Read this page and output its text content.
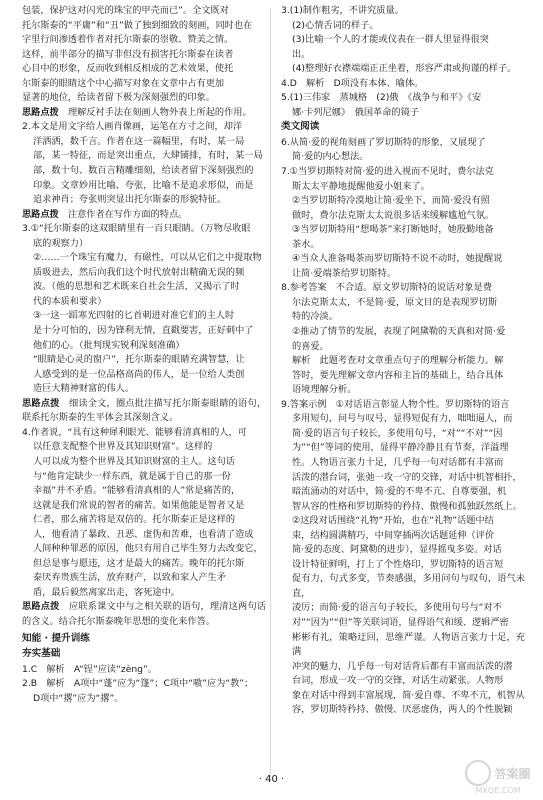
包装，保护这对闪光的珠宝的甲壳而已”。全文既对

托尔斯泰的“平庸”和“丑”做了独到细致的刻画，同时也在

字里行间渗透着作者对托尔斯泰的崇敬、赞美之情。

这样，前半部分的描写非但没有损害托尔斯泰在读者

心目中的形象，反而收到相反相成的艺术效果，使托

尔斯泰的眼睛这个中心描写对象在文章中占有更加

显著的地位，给读者留下极为深刻强烈的印象。

思路点拨　 理解反衬手法在刻画人物外表上所起的作用。

2.本文是用文字给人画肖像画，运笔在方寸之间，却洋

洋洒洒，数千言。作者在这一篇幅里，有时，某一局

部，某一特征，而是突出重点，大肆铺排，有时，某一局

部，数十句、数百言精雕细刻，给读者留下深刻强烈的

印象。文章妙用比喻、夸张，比喻不是追求形似，而是

追求神肖；夸张则突显出托尔斯泰的形貌特征。

思路点拨　 注意作者在写作方面的特点。

3.①“托尔斯泰的这双眼睛里有一百只眼睛。（万物尽收眼

底的观察力）

②……一个珠宝有魔力，有磁性，可以从它们之中提取物

质吸进去，然后向我们这个时代放射出精确无误的频

波。（他的思想和艺术既来自社会生活，又揭示了时

代的本质和要求）

③一这一蹈寒光四射的匕首刺进对准它们的主人时

是十分可怕的，因为锋利无情，直戳要害，正好刺中了

他们的心。（批判现实锐利深刻准确）

“眼睛是心灵的窗户”，托尔斯泰的眼睛充满智慧，让

人感受到的是一位品格高尚的伟人，是一位给人类创

造巨大精神财富的伟人。

思路点拨　 细读全文，圈点批注描写托尔斯泰眼睛的语句，联系托尔斯泰的生平体会其深刻含义。

4.作者说，“具有这种犀利眼光、能够看清真相的人，可

以任意支配整个世界及其知识财富”。这样的

人可以成为整个世界及其知识财富的主人。这句话

与“他肯定缺少一样东西，就是属于自己的那一份

幸福”并不矛盾。“能够看清真相的人”常是痛苦的，

这就是我们常说的智者的痛苦。如果他能是智者又是

仁者，那么痛苦将是双倍的。托尔斯泰正是这样的

人，他看清了暴政、丑恶、虚伪和苦难，也看清了造成

人间种种罪恶的原因，他只有用自己毕生努力去改变它，

但总是事与愿违，这才是最大的痛苦。晚年的托尔斯

泰厌弃贵族生活，放弃财产，以致和家人产生矛

盾，最后毅然离家出走，客死途中。

思路点拨　 应联系课文中与之相关联的语句，理清这两句话的含义。结合托尔斯泰晚年思想的变化来作答。

知能 · 提升训练

夯实基础

1.C　解析　A“锃”应读“zèng”。

2.B　解析　A项中“蓬”应为“篷”；C项中“嗷”应为“教”；

D项中“撂”应为“撂”。

3.(1)制作粗劣，不讲究质量。

(2)心情舌词的样子。

(3)比喻一个人的才能或仪表在一群人里显得很突

出。

(4)整理好衣襟端端正正坐着，形容严肃或拘谨的样子。

4.D　解析　D项没有本体、喻体。

5.(1)三伟家　蒸城格　(2)俄　《战争与和平》《安

娜·卡列尼娜》　俄国革命的镜子

类文阅读

6.从简·爱的视角刻画了罗切斯特的形象，又展现了

简·爱的内心想法。

7.①当罗切斯特对简·爱的进入视而不见时，费尔法克

斯太太平静地提醒他爱小姐来了。

②当罗切斯特冷漠地让简·爱坐下，而简·爱没有照

做时，费尔法克斯太太说很多话来缓解尴尬气氛。

③当罗切斯特用“想喝茶”来打断她时，她殷勤地备

茶水。

④当众人准备喝茶而罗切斯特不说不动时，她提醒说

让简·爱端茶给罗切斯特。

8.参考答案　不合适。原文罗切斯特的说话对象是费

尔法克斯太太，不是简·爱，原文目的是表现罗切斯

特的冷淡。

②推动了情节的发展，表现了阿黛勒的天真和对简·爱

的喜爱。

解析　此题考查对文章重点句子的理解分析能力。解

答时，要先理解文章内容和主旨的基础上，结合具体

语境理解分析。

9.答案示例　①对话语言彰显人物个性。罗切斯特的语言

多用短句，问号与叹号，显得短促有力，咄咄逼人，而

简·爱的语言句子较长，多使用句号，“对”“不对”“因

为”“但”等词的使用，显得平静冷静且有节奏，洋溢理

性。人物语言张力十足，几乎每一句对话都有丰富而

活泼的潜台词，张弛一攻一守的交锋，对话中机智相扑，

暗流涌动的对话中，简·爱的不卑不亢、自尊要强，机

智从容的性格和罗切斯特的矜持、傲慢和孤独跃然纸上。

②这段对话围绕“礼物”开始，也在“礼物”话题中结

束，结构圆满精巧，中间穿插两次话题延伸（评价

简·爱的态度、阿黛勒的进步），显得摇曳多姿。对话

设计特征鲜明，打上了个性烙印，罗切斯特的语言短

促有力，句式多变，节奏感强，多用问句与叹句，语气未直，

凌厉；而简·爱的语言句子较长，多使用句号与“对不

对”“因为”“但”等关联词语，显得语气和缓、逻辑严密

彬彬有礼，策略迂回，思维严谨。人物语言张力十足，充满

冲突的魅力，几乎每一句对话背后都有丰富而活泼的潜

台词，形成一攻一守的交锋，对话生动紧张。人物形

象在对话中得到丰富展现，简·爱自尊、不卑不亢，机智从

容，罗切斯特矜持、傲慢、厌恶虚伪，两人的个性脱颖

· 40 ·	答案圈
MXQE.COM
